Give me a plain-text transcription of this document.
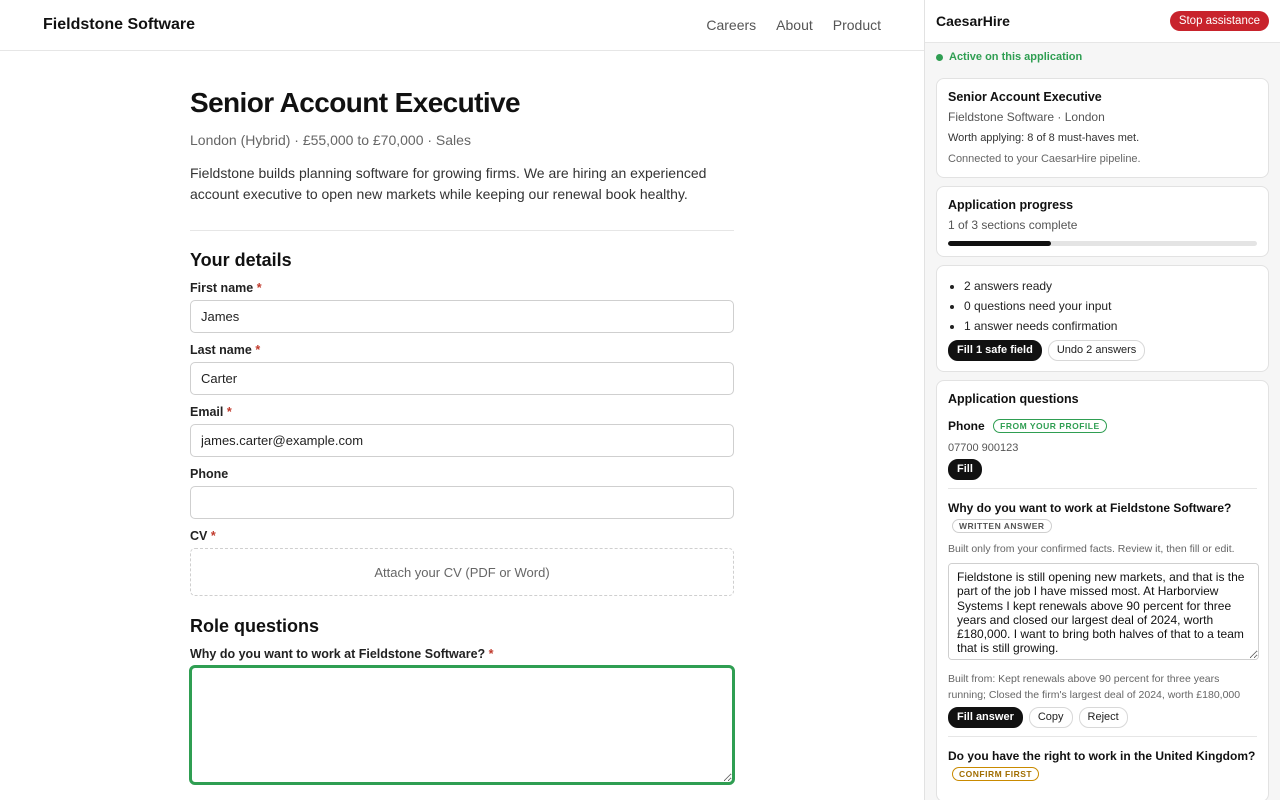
Fieldstone Software	Careers About Product
Senior Account Executive
London (Hybrid) · £55,000 to £70,000 · Sales

Fieldstone builds planning software for growing firms. We are hiring an experienced account executive to open new markets while keeping our renewal book healthy.

Your details
First name *
James
Last name *
Carter
Email *
james.carter@example.com
Phone
CV *
Attach your CV (PDF or Word)
Role questions
Why do you want to work at Fieldstone Software? *
CaesarHire	Stop assistance
Active on this application
Senior Account Executive
Fieldstone Software · London
Worth applying: 8 of 8 must-haves met.
Connected to your CaesarHire pipeline.
Application progress
1 of 3 sections complete
• 2 answers ready
• 0 questions need your input
• 1 answer needs confirmation
Fill 1 safe field	Undo 2 answers
Application questions
Phone FROM YOUR PROFILE
07700 900123
Fill
Why do you want to work at Fieldstone Software? WRITTEN ANSWER
Built only from your confirmed facts. Review it, then fill or edit.
Fieldstone is still opening new markets, and that is the part of the job I have missed most. At Harborview Systems I kept renewals above 90 percent for three years and closed our largest deal of 2024, worth £180,000. I want to bring both halves of that to a team that is still growing.
Built from: Kept renewals above 90 percent for three years running; Closed the firm's largest deal of 2024, worth £180,000
Fill answer	Copy	Reject
Do you have the right to work in the United Kingdom? CONFIRM FIRST
